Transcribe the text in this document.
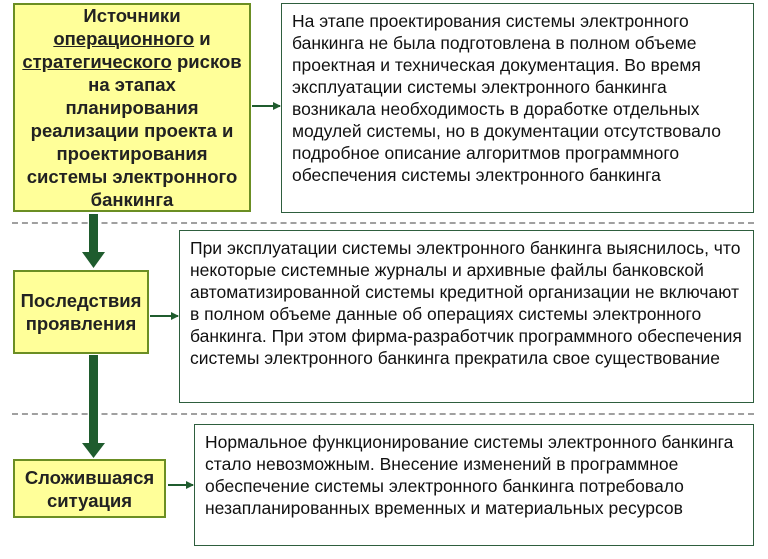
Источники операционного и стратегического рисков на этапах планирования реализации проекта и проектирования системы электронного банкинга
На этапе проектирования системы электронного банкинга не была подготовлена в полном объеме проектная и техническая документация. Во время эксплуатации системы электронного банкинга возникала необходимость в доработке отдельных модулей системы, но в документации отсутствовало подробное описание алгоритмов программного обеспечения системы электронного банкинга
Последствия проявления
При эксплуатации системы электронного банкинга выяснилось, что некоторые системные журналы и архивные файлы банковской автоматизированной системы кредитной организации не включают в полном объеме данные об операциях системы электронного банкинга. При этом фирма-разработчик программного обеспечения системы электронного банкинга прекратила свое существование
Сложившаяся ситуация
Нормальное функционирование системы электронного банкинга стало невозможным. Внесение изменений в программное обеспечение системы электронного банкинга потребовало незапланированных временных и материальных ресурсов
